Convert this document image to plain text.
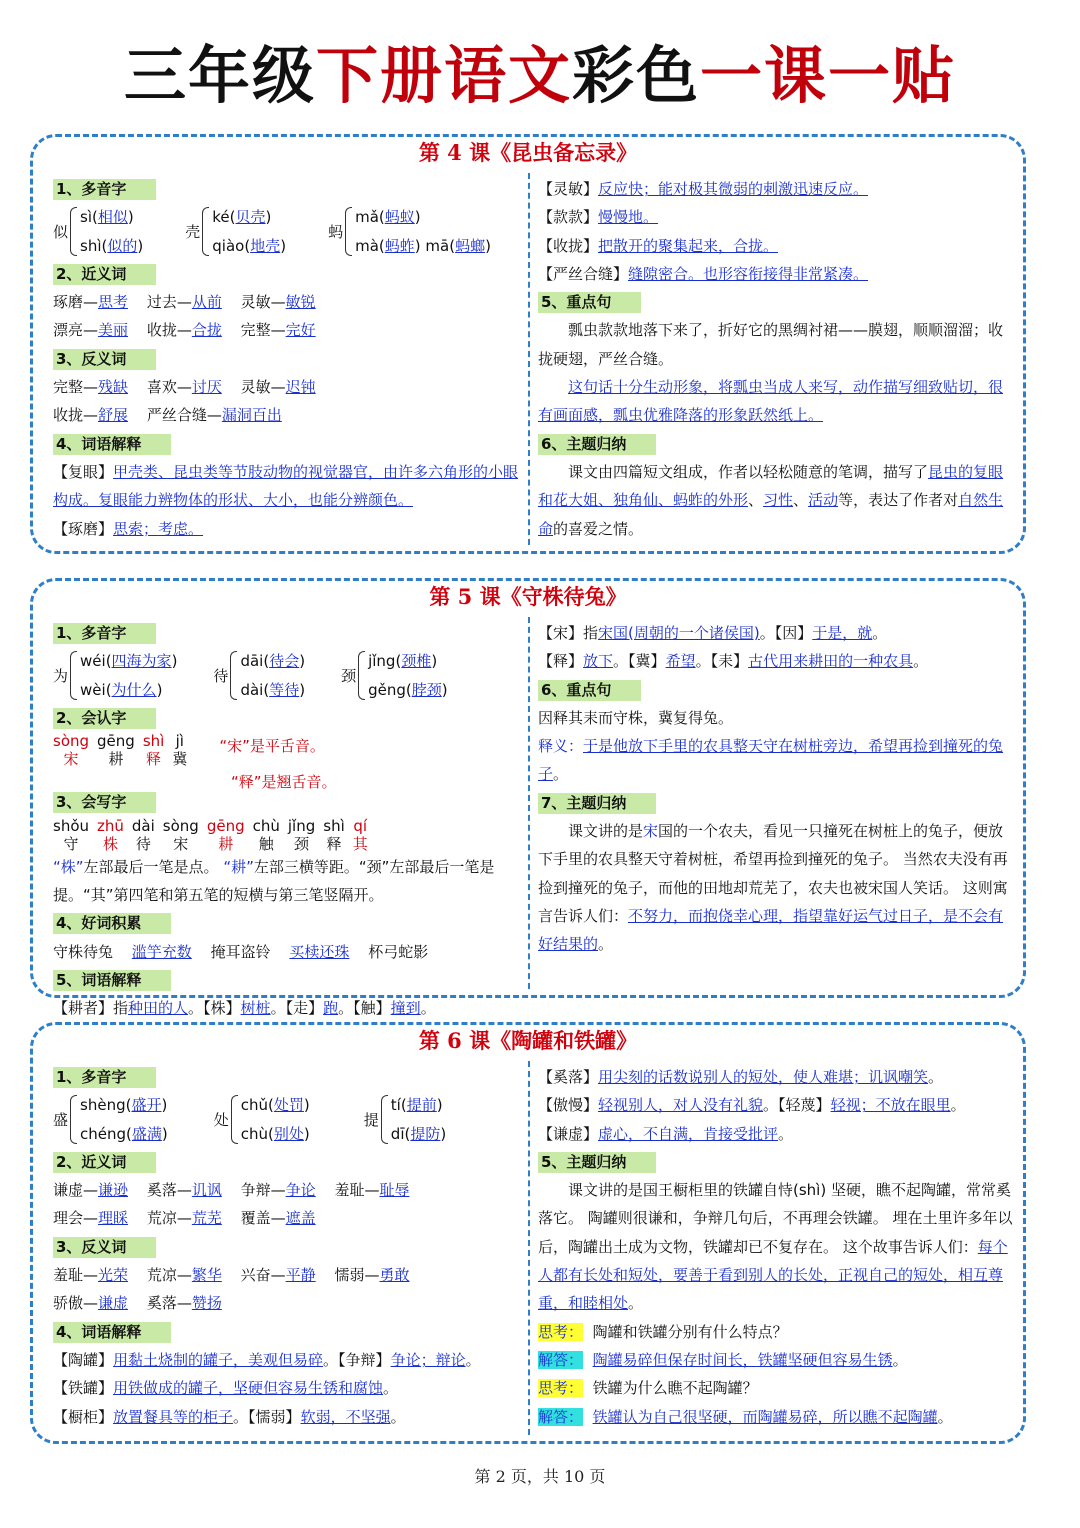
三年级下册语文彩色一课一贴
第 4 课《昆虫备忘录》
1、多音字
似
sì(相似)
shì(似的)
壳
ké(贝壳)
qiào(地壳)
蚂
mǎ(蚂蚁)
mà(蚂蚱) mā(蚂螂)
2、近义词
琢磨—思考 过去—从前 灵敏—敏锐
漂亮—美丽 收拢—合拢 完整—完好
3、反义词
完整—残缺 喜欢—讨厌 灵敏—迟钝
收拢—舒展 严丝合缝—漏洞百出
4、词语解释
【复眼】甲壳类、昆虫类等节肢动物的视觉器官，由许多六角形的小眼构成。复眼能力辨物体的形状、大小，也能分辨颜色。
【琢磨】思索；考虑。
【灵敏】反应快；能对极其微弱的刺激迅速反应。
【款款】慢慢地。
【收拢】把散开的聚集起来，合拢。
【严丝合缝】缝隙密合。也形容衔接得非常紧凑。
5、重点句
瓢虫款款地落下来了，折好它的黑绸衬裙——膜翅，顺顺溜溜；收拢硬翅，严丝合缝。
这句话十分生动形象，将瓢虫当成人来写，动作描写细致贴切，很有画面感，瓢虫优雅降落的形象跃然纸上。
6、主题归纳
课文由四篇短文组成，作者以轻松随意的笔调，描写了昆虫的复眼和花大姐、独角仙、蚂蚱的外形、习性、活动等，表达了作者对自然生命的喜爱之情。
第 5 课《守株待兔》
1、多音字
为
wéi(四海为家)
wèi(为什么)
待
dāi(待会)
dài(等待)
颈
jǐng(颈椎)
gěng(脖颈)
2、会认字
sòng
宋
gēng
耕
shì
释
jì
冀
“宋”是平舌音。
“释”是翘舌音。
3、会写字
shǒu
守
zhū
株
dài
待
sòng
宋
gēng
耕
chù
触
jǐng
颈
shì
释
qí
其
“株”左部最后一笔是点。 “耕”左部三横等距。“颈”左部最后一笔是提。“其”第四笔和第五笔的短横与第三笔竖隔开。
4、好词积累
守株待兔 滥竽充数 掩耳盗铃 买椟还珠 杯弓蛇影
5、词语解释
【耕者】指种田的人。【株】树桩。【走】跑。【触】撞到。
【宋】指宋国(周朝的一个诸侯国)。【因】于是，就。
【释】放下。【冀】希望。【耒】古代用来耕田的一种农具。
6、重点句
因释其耒而守株，冀复得兔。
释义：于是他放下手里的农具整天守在树桩旁边，希望再捡到撞死的兔子。
7、主题归纳
课文讲的是宋国的一个农夫，看见一只撞死在树桩上的兔子，便放下手里的农具整天守着树桩，希望再捡到撞死的兔子。 当然农夫没有再捡到撞死的兔子，而他的田地却荒芜了，农夫也被宋国人笑话。 这则寓言告诉人们：不努力，而抱侥幸心理，指望靠好运气过日子，是不会有好结果的。
第 6 课《陶罐和铁罐》
1、多音字
盛
shèng(盛开)
chéng(盛满)
处
chǔ(处罚)
chù(别处)
提
tí(提前)
dī(提防)
2、近义词
谦虚—谦逊 奚落—讥讽 争辩—争论 羞耻—耻辱
理会—理睬 荒凉—荒芜 覆盖—遮盖
3、反义词
羞耻—光荣 荒凉—繁华 兴奋—平静 懦弱—勇敢
骄傲—谦虚 奚落—赞扬
4、词语解释
【陶罐】用黏土烧制的罐子，美观但易碎。【争辩】争论；辩论。
【铁罐】用铁做成的罐子，坚硬但容易生锈和腐蚀。
【橱柜】放置餐具等的柜子。【懦弱】软弱，不坚强。
【奚落】用尖刻的话数说别人的短处，使人难堪；讥讽嘲笑。
【傲慢】轻视别人，对人没有礼貌。【轻蔑】轻视；不放在眼里。
【谦虚】虚心，不自满，肯接受批评。
5、主题归纳
课文讲的是国王橱柜里的铁罐自恃(shì) 坚硬，瞧不起陶罐，常常奚落它。 陶罐则很谦和，争辩几句后，不再理会铁罐。 埋在土里许多年以后，陶罐出土成为文物，铁罐却已不复存在。 这个故事告诉人们：每个人都有长处和短处，要善于看到别人的长处，正视自己的短处，相互尊重，和睦相处。
思考： 陶罐和铁罐分别有什么特点？
解答： 陶罐易碎但保存时间长，铁罐坚硬但容易生锈。
思考： 铁罐为什么瞧不起陶罐？
解答： 铁罐认为自己很坚硬，而陶罐易碎，所以瞧不起陶罐。
第 2 页，共 10 页
